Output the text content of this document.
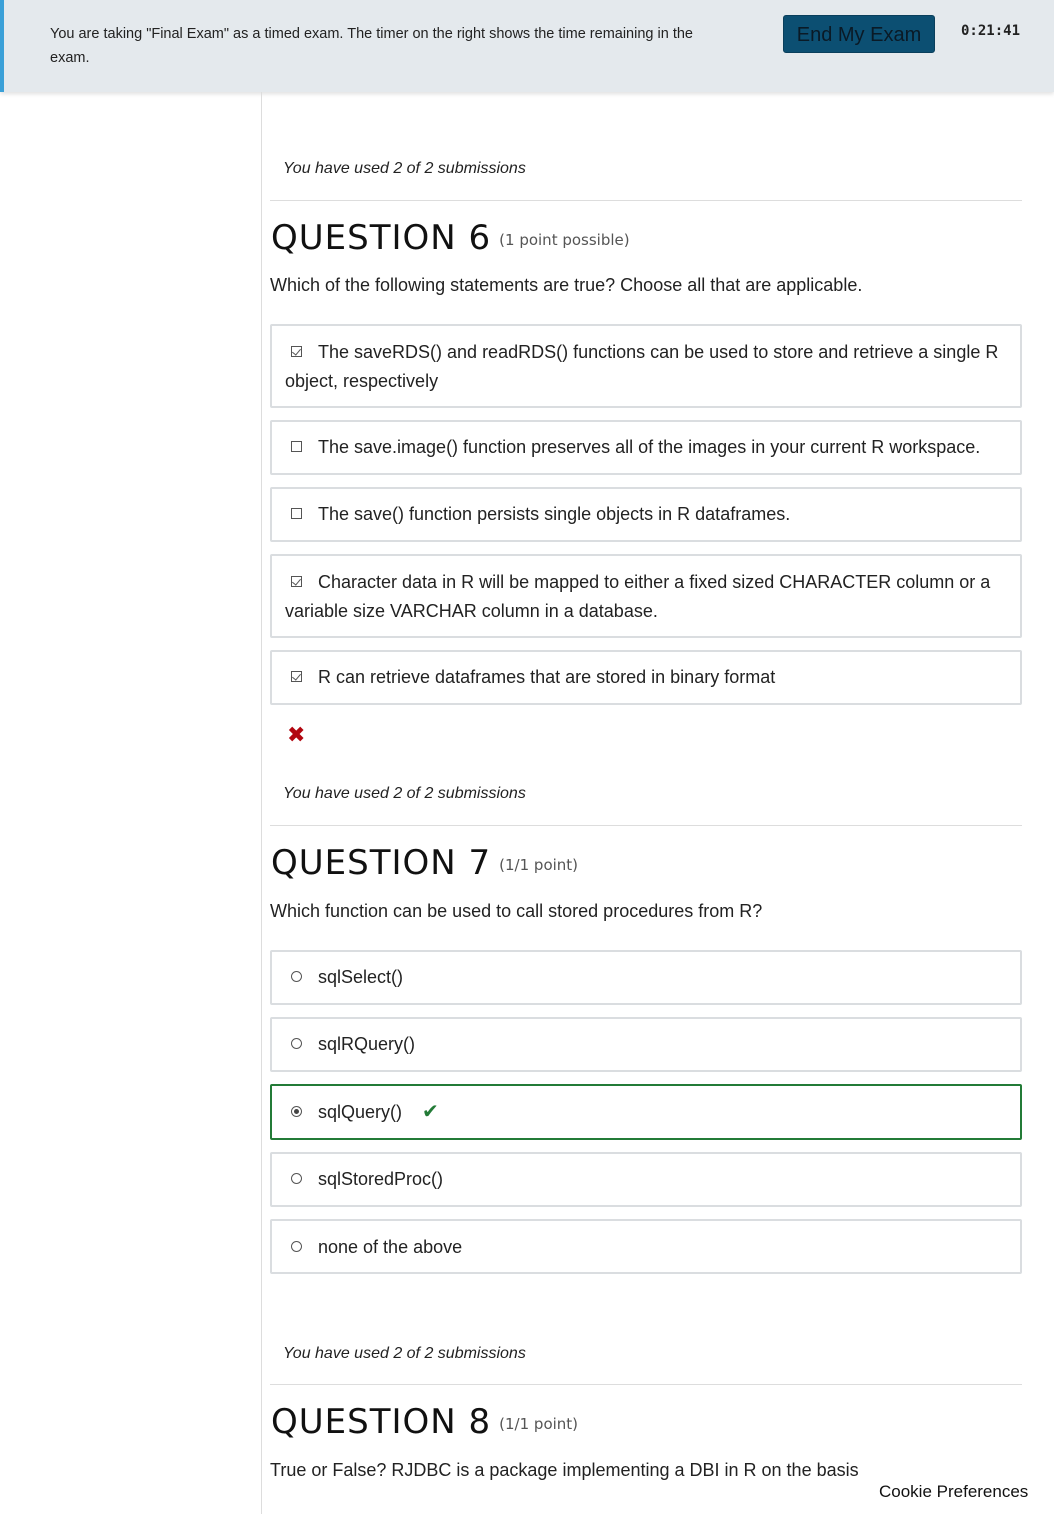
You are taking "Final Exam" as a timed exam. The timer on the right shows the time remaining in the exam.
End My Exam	0:21:41
You have used 2 of 2 submissions
QUESTION 6 (1 point possible)
Which of the following statements are true? Choose all that are applicable.
The saveRDS() and readRDS() functions can be used to store and retrieve a single R object, respectively
The save.image() function preserves all of the images in your current R workspace.
The save() function persists single objects in R dataframes.
Character data in R will be mapped to either a fixed sized CHARACTER column or a variable size VARCHAR column in a database.
R can retrieve dataframes that are stored in binary format
✖
You have used 2 of 2 submissions
QUESTION 7 (1/1 point)
Which function can be used to call stored procedures from R?
sqlSelect()
sqlRQuery()
sqlQuery() ✔
sqlStoredProc()
none of the above
You have used 2 of 2 submissions
QUESTION 8 (1/1 point)
True or False? RJDBC is a package implementing a DBI in R on the basis
Cookie Preferences
